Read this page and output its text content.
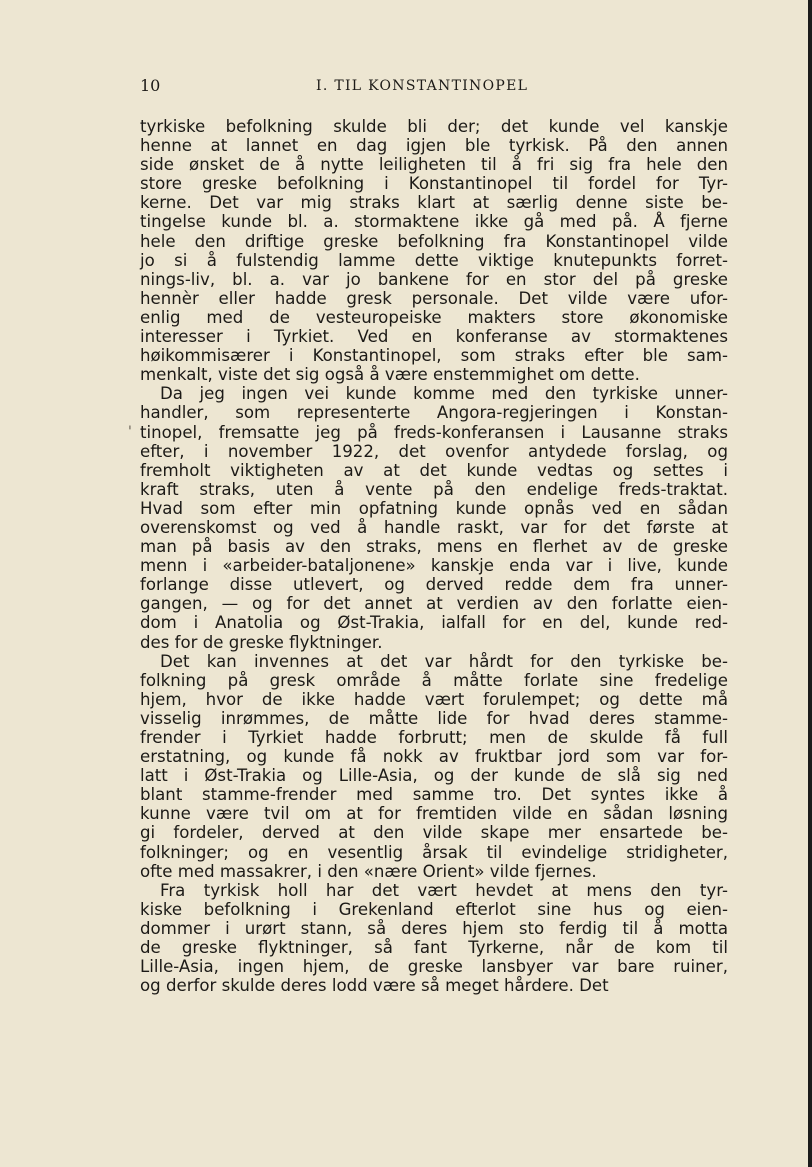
10	I. TIL KONSTANTINOPEL
tyrkiske befolkning skulde bli der; det kunde vel kanskje
henne at lannet en dag igjen ble tyrkisk. På den annen
side ønsket de å nytte leiligheten til å fri sig fra hele den
store greske befolkning i Konstantinopel til fordel for Tyr-
kerne. Det var mig straks klart at særlig denne siste be-
tingelse kunde bl. a. stormaktene ikke gå med på. Å fjerne
hele den driftige greske befolkning fra Konstantinopel vilde
jo si å fulstendig lamme dette viktige knutepunkts forret-
nings-liv, bl. a. var jo bankene for en stor del på greske
hennèr eller hadde gresk personale. Det vilde være ufor-
enlig med de vesteuropeiske makters store økonomiske
interesser i Tyrkiet. Ved en konferanse av stormaktenes
høikommisærer i Konstantinopel, som straks efter ble sam-
menkalt, viste det sig også å være enstemmighet om dette.
Da jeg ingen vei kunde komme med den tyrkiske unner-
handler, som representerte Angora-regjeringen i Konstan-
tinopel, fremsatte jeg på freds-konferansen i Lausanne straks
'
efter, i november 1922, det ovenfor antydede forslag, og
fremholt viktigheten av at det kunde vedtas og settes i
kraft straks, uten å vente på den endelige freds-traktat.
Hvad som efter min opfatning kunde opnås ved en sådan
overenskomst og ved å handle raskt, var for det første at
man på basis av den straks, mens en flerhet av de greske
menn i «arbeider-bataljonene» kanskje enda var i live, kunde
forlange disse utlevert, og derved redde dem fra unner-
gangen, — og for det annet at verdien av den forlatte eien-
dom i Anatolia og Øst-Trakia, ialfall for en del, kunde red-
des for de greske flyktninger.
Det kan invennes at det var hårdt for den tyrkiske be-
folkning på gresk område å måtte forlate sine fredelige
hjem, hvor de ikke hadde vært forulempet; og dette må
visselig inrømmes, de måtte lide for hvad deres stamme-
frender i Tyrkiet hadde forbrutt; men de skulde få full
erstatning, og kunde få nokk av fruktbar jord som var for-
latt i Øst-Trakia og Lille-Asia, og der kunde de slå sig ned
blant stamme-frender med samme tro. Det syntes ikke å
kunne være tvil om at for fremtiden vilde en sådan løsning
gi fordeler, derved at den vilde skape mer ensartede be-
folkninger; og en vesentlig årsak til evindelige stridigheter,
ofte med massakrer, i den «nære Orient» vilde fjernes.
Fra tyrkisk holl har det vært hevdet at mens den tyr-
kiske befolkning i Grekenland efterlot sine hus og eien-
dommer i urørt stann, så deres hjem sto ferdig til å motta
de greske flyktninger, så fant Tyrkerne, når de kom til
Lille-Asia, ingen hjem, de greske lansbyer var bare ruiner,
og derfor skulde deres lodd være så meget hårdere. Det
